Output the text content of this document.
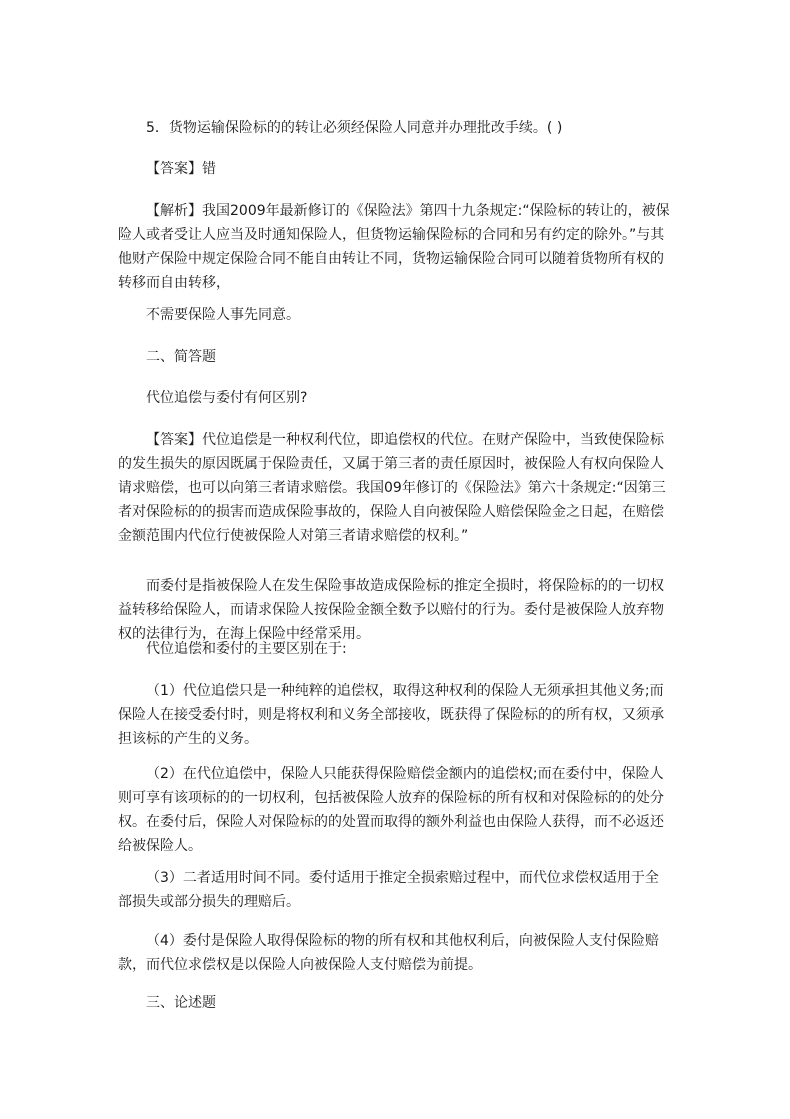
5．货物运输保险标的的转让必须经保险人同意并办理批改手续。( )

【答案】错

【解析】我国2009年最新修订的《保险法》第四十九条规定:“保险标的转让的，被保险人或者受让人应当及时通知保险人，但货物运输保险标的合同和另有约定的除外。”与其他财产保险中规定保险合同不能自由转让不同，货物运输保险合同可以随着货物所有权的转移而自由转移，

不需要保险人事先同意。

二、简答题

代位追偿与委付有何区别?

【答案】代位追偿是一种权利代位，即追偿权的代位。在财产保险中，当致使保险标的发生损失的原因既属于保险责任，又属于第三者的责任原因时，被保险人有权向保险人请求赔偿，也可以向第三者请求赔偿。我国09年修订的《保险法》第六十条规定:“因第三者对保险标的的损害而造成保险事故的，保险人自向被保险人赔偿保险金之日起，在赔偿金额范围内代位行使被保险人对第三者请求赔偿的权利。”

而委付是指被保险人在发生保险事故造成保险标的推定全损时，将保险标的的一切权益转移给保险人，而请求保险人按保险金额全数予以赔付的行为。委付是被保险人放弃物权的法律行为，在海上保险中经常采用。

代位追偿和委付的主要区别在于:

（1）代位追偿只是一种纯粹的追偿权，取得这种权利的保险人无须承担其他义务;而保险人在接受委付时，则是将权利和义务全部接收，既获得了保险标的的所有权，又须承担该标的产生的义务。

（2）在代位追偿中，保险人只能获得保险赔偿金额内的追偿权;而在委付中，保险人则可享有该项标的的一切权利，包括被保险人放弃的保险标的所有权和对保险标的的处分权。在委付后，保险人对保险标的的处置而取得的额外利益也由保险人获得，而不必返还给被保险人。

（3）二者适用时间不同。委付适用于推定全损索赔过程中，而代位求偿权适用于全部损失或部分损失的理赔后。

（4）委付是保险人取得保险标的物的所有权和其他权利后，向被保险人支付保险赔款，而代位求偿权是以保险人向被保险人支付赔偿为前提。

三、论述题
